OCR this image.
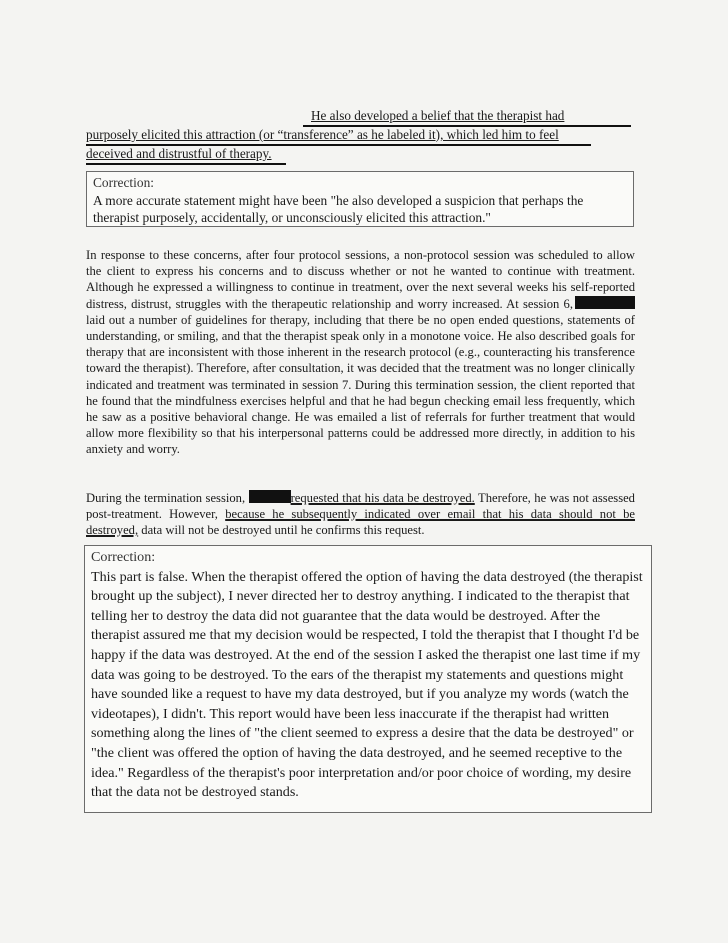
He also developed a belief that the therapist had
purposely elicited this attraction (or “transference” as he labeled it), which led him to feel
deceived and distrustful of therapy.
Correction:
A more accurate statement might have been "he also developed a suspicion that perhaps the therapist purposely, accidentally, or unconsciously elicited this attraction."
In response to these concerns, after four protocol sessions, a non-protocol session was scheduled to allow the client to express his concerns and to discuss whether or not he wanted to continue with treatment. Although he expressed a willingness to continue in treatment, over the next several weeks his self-reported distress, distrust, struggles with the therapeutic relationship and worry increased. At session 6, laid out a number of guidelines for therapy, including that there be no open ended questions, statements of understanding, or smiling, and that the therapist speak only in a monotone voice. He also described goals for therapy that are inconsistent with those inherent in the research protocol (e.g., counteracting his transference toward the therapist). Therefore, after consultation, it was decided that the treatment was no longer clinically indicated and treatment was terminated in session 7. During this termination session, the client reported that he found that the mindfulness exercises helpful and that he had begun checking email less frequently, which he saw as a positive behavioral change. He was emailed a list of referrals for further treatment that would allow more flexibility so that his interpersonal patterns could be addressed more directly, in addition to his anxiety and worry.
During the termination session,	requested that his data be destroyed. Therefore, he was not assessed post-treatment. However, because he subsequently indicated over email that his data should not be destroyed, data will not be destroyed until he confirms this request.
Correction:
This part is false. When the therapist offered the option of having the data destroyed (the therapist brought up the subject), I never directed her to destroy anything. I indicated to the therapist that telling her to destroy the data did not guarantee that the data would be destroyed. After the therapist assured me that my decision would be respected, I told the therapist that I thought I'd be happy if the data was destroyed. At the end of the session I asked the therapist one last time if my data was going to be destroyed. To the ears of the therapist my statements and questions might have sounded like a request to have my data destroyed, but if you analyze my words (watch the videotapes), I didn't. This report would have been less inaccurate if the therapist had written something along the lines of "the client seemed to express a desire that the data be destroyed" or "the client was offered the option of having the data destroyed, and he seemed receptive to the idea." Regardless of the therapist's poor interpretation and/or poor choice of wording, my desire that the data not be destroyed stands.
